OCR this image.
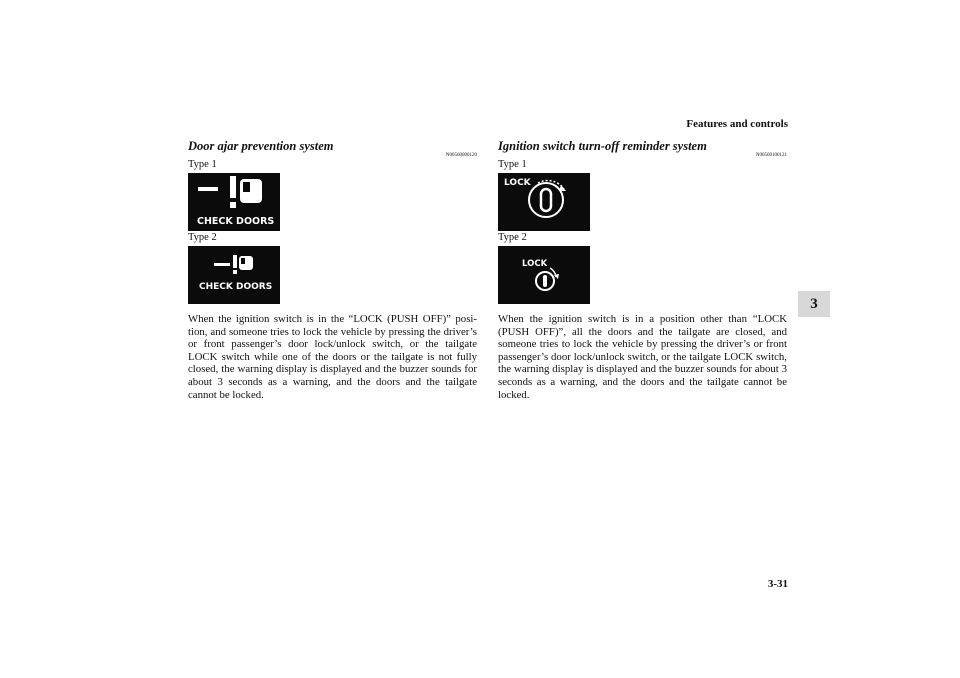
Features and controls
3
3-31
Door ajar prevention system
N00560000120
Type 1
CHECK DOORS
Type 2
CHECK DOORS
When the ignition switch is in the “LOCK (PUSH OFF)” posi-tion, and someone tries to lock the vehicle by pressing the driver’s or front passenger’s door lock/unlock switch, or the tailgate LOCK switch while one of the doors or the tailgate is not fully closed, the warning display is displayed and the buzzer sounds for about 3 seconds as a warning, and the doors and the tailgate cannot be locked.
Ignition switch turn-off reminder system
N00560100121
Type 1
LOCK
Type 2
LOCK
When the ignition switch is in a position other than “LOCK (PUSH OFF)”, all the doors and the tailgate are closed, and someone tries to lock the vehicle by pressing the driver’s or front passenger’s door lock/unlock switch, or the tailgate LOCK switch, the warning display is displayed and the buzzer sounds for about 3 seconds as a warning, and the doors and the tailgate cannot be locked.
